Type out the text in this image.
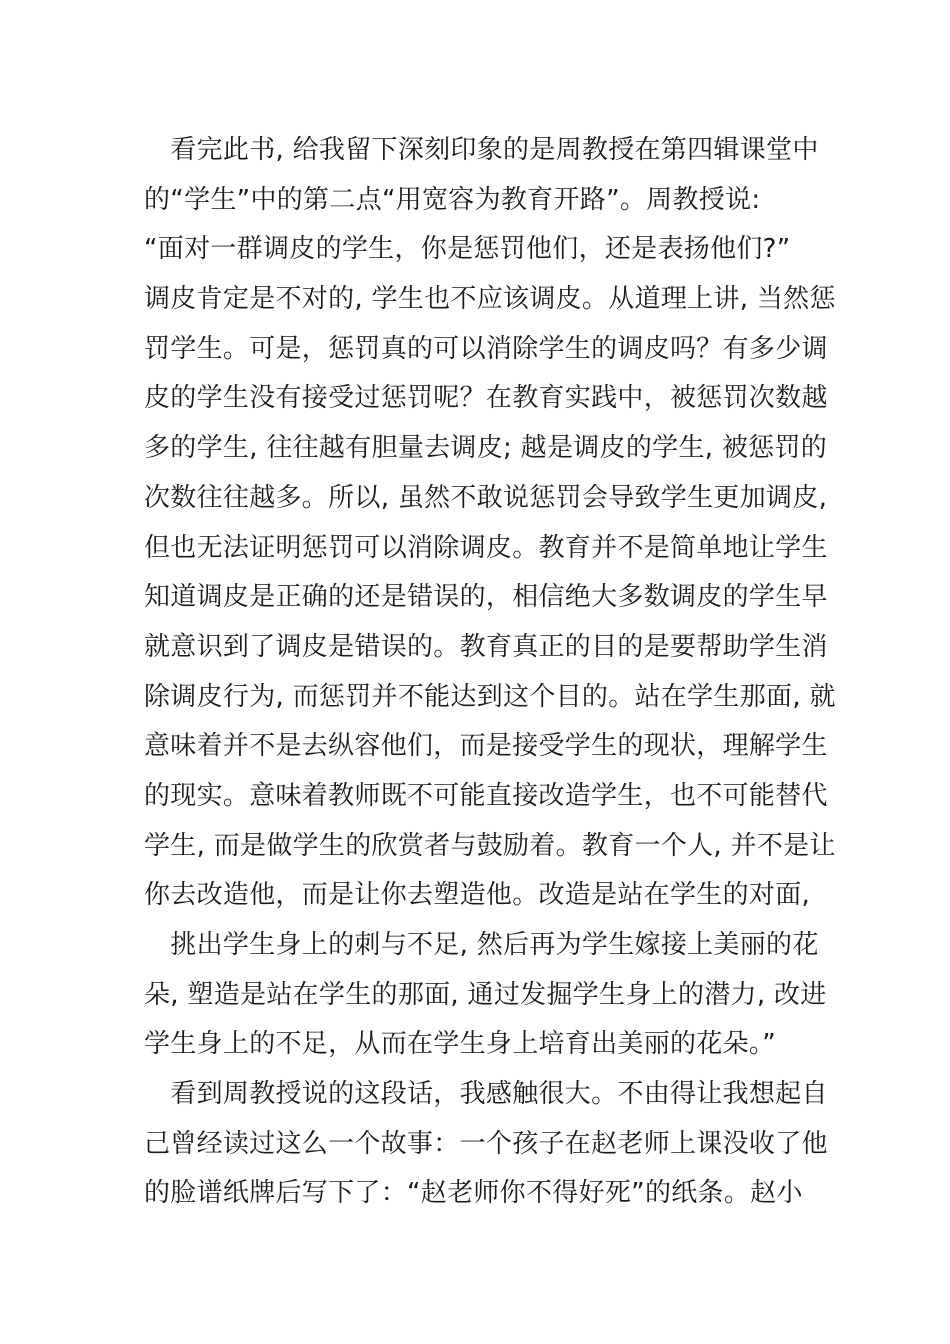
　看完此书, 给我留下深刻印象的是周教授在第四辑课堂中
的“学生”中的第二点“用宽容为教育开路”。周教授说:
“面对一群调皮的学生，你是惩罚他们，还是表扬他们?”
调皮肯定是不对的, 学生也不应该调皮。从道理上讲, 当然惩
罚学生。可是，惩罚真的可以消除学生的调皮吗？有多少调
皮的学生没有接受过惩罚呢？在教育实践中，被惩罚次数越
多的学生, 往往越有胆量去调皮; 越是调皮的学生, 被惩罚的
次数往往越多。所以, 虽然不敢说惩罚会导致学生更加调皮,
但也无法证明惩罚可以消除调皮。教育并不是简单地让学生
知道调皮是正确的还是错误的，相信绝大多数调皮的学生早
就意识到了调皮是错误的。教育真正的目的是要帮助学生消
除调皮行为, 而惩罚并不能达到这个目的。站在学生那面, 就
意味着并不是去纵容他们，而是接受学生的现状，理解学生
的现实。意味着教师既不可能直接改造学生，也不可能替代
学生, 而是做学生的欣赏者与鼓励着。教育一个人, 并不是让
你去改造他，而是让你去塑造他。改造是站在学生的对面,
　挑出学生身上的刺与不足, 然后再为学生嫁接上美丽的花
朵, 塑造是站在学生的那面, 通过发掘学生身上的潜力, 改进
学生身上的不足，从而在学生身上培育出美丽的花朵。”
　看到周教授说的这段话，我感触很大。不由得让我想起自
己曾经读过这么一个故事：一个孩子在赵老师上课没收了他
的脸谱纸牌后写下了：“赵老师你不得好死”的纸条。赵小
